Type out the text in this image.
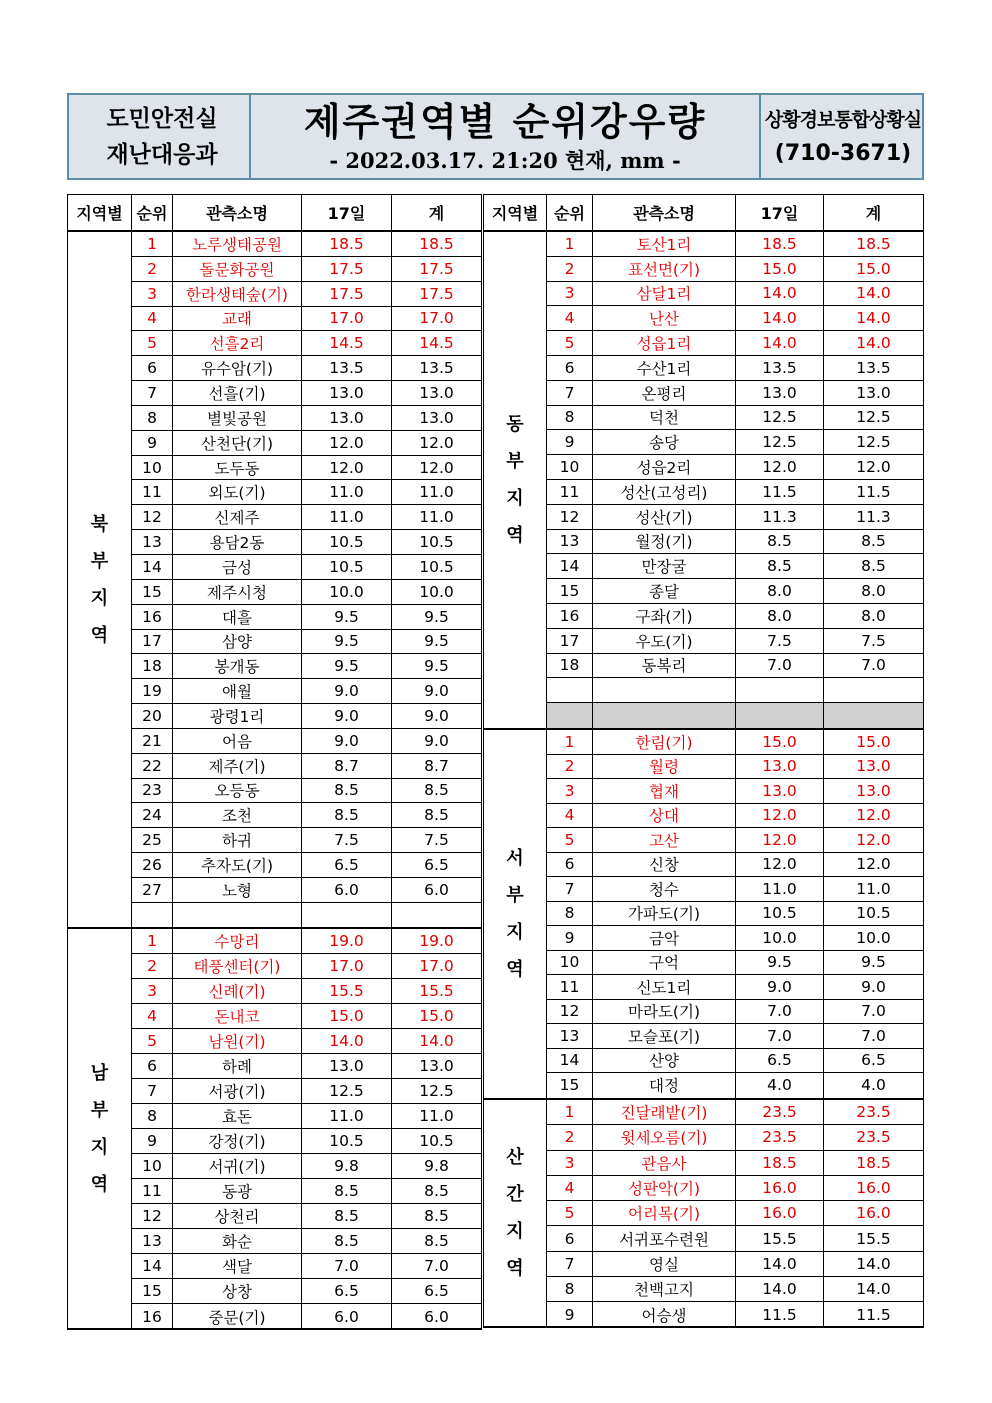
도민안전실
재난대응과
제주권역별 순위강우량
- 2022.03.17. 21:20 현재, mm -
상황경보통합상황실
(710-3671)
지역별 순위	관측소명	17일	계
북
부
지
역
1	노루생태공원	18.5	18.5
2	돌문화공원	17.5	17.5
3	한라생태숲(기)	17.5	17.5
4	교래	17.0	17.0
5	선흘2리	14.5	14.5
6	유수암(기)	13.5	13.5
7	선흘(기)	13.0	13.0
8	별빛공원	13.0	13.0
9	산천단(기)	12.0	12.0
10	도두동	12.0	12.0
11	외도(기)	11.0	11.0
12	신제주	11.0	11.0
13	용담2동	10.5	10.5
14	금성	10.5	10.5
15	제주시청	10.0	10.0
16	대흘	9.5	9.5
17	삼양	9.5	9.5
18	봉개동	9.5	9.5
19	애월	9.0	9.0
20	광령1리	9.0	9.0
21	어음	9.0	9.0
22	제주(기)	8.7	8.7
23	오등동	8.5	8.5
24	조천	8.5	8.5
25	하귀	7.5	7.5
26	추자도(기)	6.5	6.5
27	노형	6.0	6.0
남
부
지
역
1	수망리	19.0	19.0
2	태풍센터(기)	17.0	17.0
3	신례(기)	15.5	15.5
4	돈내코	15.0	15.0
5	남원(기)	14.0	14.0
6	하례	13.0	13.0
7	서광(기)	12.5	12.5
8	효돈	11.0	11.0
9	강정(기)	10.5	10.5
10	서귀(기)	9.8	9.8
11	동광	8.5	8.5
12	상천리	8.5	8.5
13	화순	8.5	8.5
14	색달	7.0	7.0
15	상창	6.5	6.5
16	중문(기)	6.0	6.0
지역별 순위	관측소명	17일	계
동
부
지
역
1	토산1리	18.5	18.5
2	표선면(기)	15.0	15.0
3	삼달1리	14.0	14.0
4	난산	14.0	14.0
5	성읍1리	14.0	14.0
6	수산1리	13.5	13.5
7	온평리	13.0	13.0
8	덕천	12.5	12.5
9	송당	12.5	12.5
10	성읍2리	12.0	12.0
11	성산(고성리)	11.5	11.5
12	성산(기)	11.3	11.3
13	월정(기)	8.5	8.5
14	만장굴	8.5	8.5
15	종달	8.0	8.0
16	구좌(기)	8.0	8.0
17	우도(기)	7.5	7.5
18	동복리	7.0	7.0
서
부
지
역
1	한림(기)	15.0	15.0
2	월령	13.0	13.0
3	협재	13.0	13.0
4	상대	12.0	12.0
5	고산	12.0	12.0
6	신창	12.0	12.0
7	청수	11.0	11.0
8	가파도(기)	10.5	10.5
9	금악	10.0	10.0
10	구억	9.5	9.5
11	신도1리	9.0	9.0
12	마라도(기)	7.0	7.0
13	모슬포(기)	7.0	7.0
14	산양	6.5	6.5
15	대정	4.0	4.0
산
간
지
역
1	진달래밭(기)	23.5	23.5
2	윗세오름(기)	23.5	23.5
3	관음사	18.5	18.5
4	성판악(기)	16.0	16.0
5	어리목(기)	16.0	16.0
6	서귀포수련원	15.5	15.5
7	영실	14.0	14.0
8	천백고지	14.0	14.0
9	어승생	11.5	11.5
